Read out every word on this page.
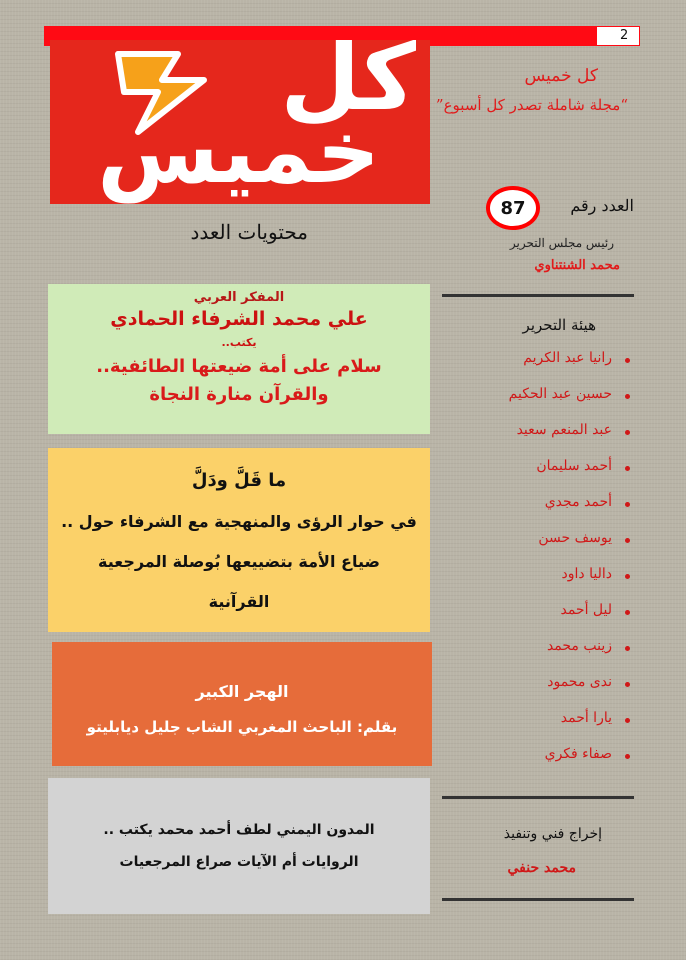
2
كل
خميس
كل خميس
“مجلة شاملة تصدر كل أسبوع”
العدد رقم
87
رئيس مجلس التحرير
محمد الشنتناوي
هيئة التحرير
رانيا عبد الكريم
حسين عبد الحكيم
عبد المنعم سعيد
أحمد سليمان
أحمد مجدي
يوسف حسن
داليا داود
ليل أحمد
زينب محمد
ندى محمود
يارا أحمد
صفاء فكري
إخراج فني وتنفيذ
محمد حنفي
محتويات العدد
المفكر العربي
علي محمد الشرفاء الحمادي
يكتب..
سلام على أمة ضيعتها الطائفية..
والقرآن منارة النجاة
ما قَلَّ ودَلَّ
في حوار الرؤى والمنهجية مع الشرفاء حول ..
ضياع الأمة بتضييعها بُوصلة المرجعية
القرآنية
الهجر الكبير
بقلم: الباحث المغربي الشاب جليل ديابليتو
المدون اليمني لطف أحمد محمد يكتب ..
الروايات أم الآيات صراع المرجعيات
